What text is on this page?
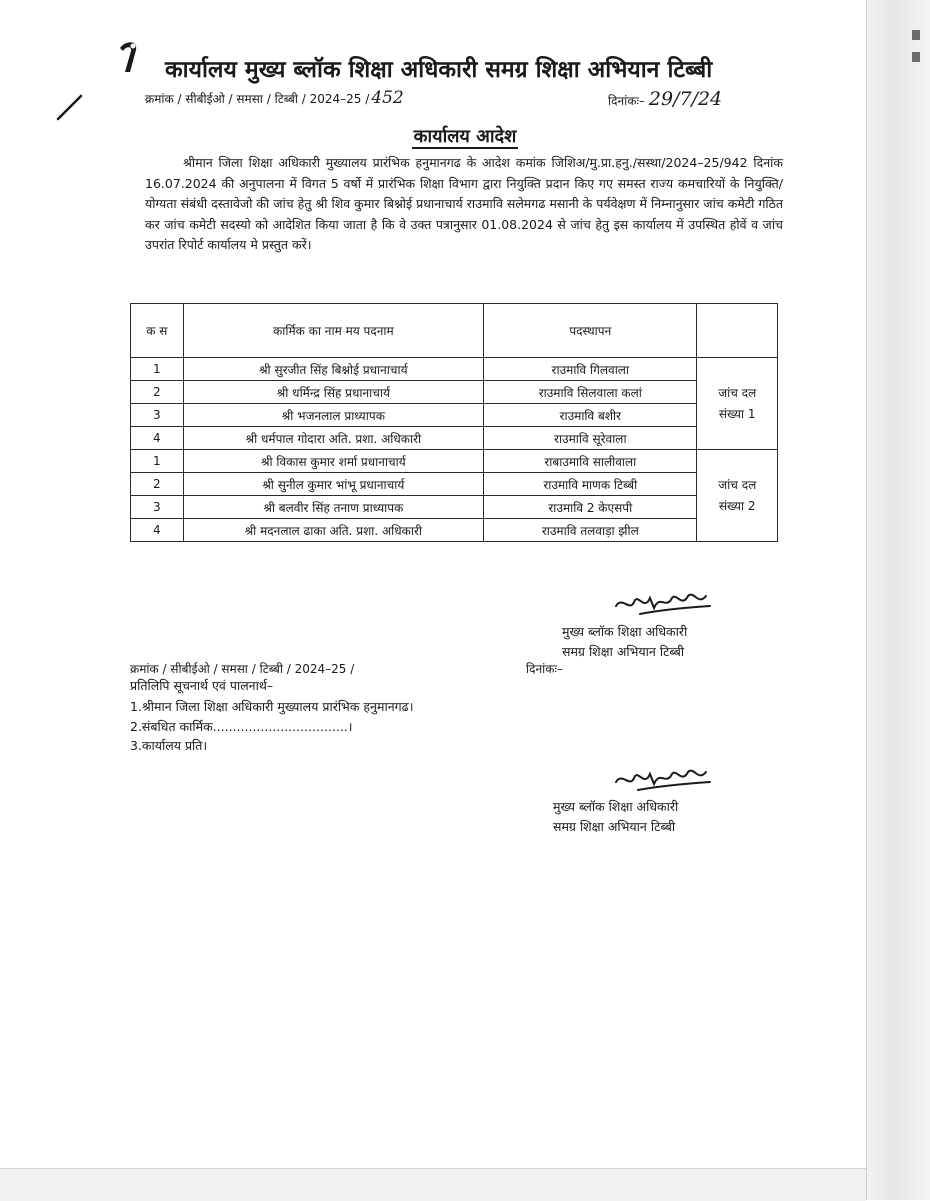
कार्यालय मुख्य ब्लॉक शिक्षा अधिकारी समग्र शिक्षा अभियान टिब्बी
क्रमांक / सीबीईओ / समसा / टिब्बी / 2024–25 / 452	दिनांकः– 29/7/24
कार्यालय आदेश
श्रीमान जिला शिक्षा अधिकारी मुख्यालय प्रारंभिक हनुमानगढ के आदेश कमांक जिशिअ/मु.प्रा.हनु./सस्था/2024–25/942 दिनांक 16.07.2024 की अनुपालना में विगत 5 वर्षो में प्रारंभिक शिक्षा विभाग द्वारा नियुक्ति प्रदान किए गए समस्त राज्य कमचारियों के नियुक्ति/योग्यता संबंधी दस्तावेजो की जांच हेतु श्री शिव कुमार बिश्नोई प्रधानाचार्य राउमावि सलेमगढ मसानी के पर्यवेक्षण में निम्नानुसार जांच कमेटी गठित कर जांच कमेटी सदस्यो को आदेशित किया जाता है कि वे उक्त पत्रानुसार 01.08.2024 से जांच हेतु इस कार्यालय में उपस्थित होवें व जांच उपरांत रिपोर्ट कार्यालय मे प्रस्तुत करें।
क स	कार्मिक का नाम मय पदनाम	पदस्थापन	
1	श्री सुरजीत सिंह बिश्नोई प्रधानाचार्य	राउमावि गिलवाला	जांच दल
संख्या 1

2	श्री धर्मिन्द्र सिंह प्रधानाचार्य	राउमावि सिलवाला कलां	
3	श्री भजनलाल प्राध्यापक	राउमावि बशीर	
4	श्री धर्मपाल गोदारा अति. प्रशा. अधिकारी	राउमावि सूरेवाला	
1	श्री विकास कुमार शर्मा प्रधानाचार्य	राबाउमावि सालीवाला	जांच दल
संख्या 2

2	श्री सुनील कुमार भांभू प्रधानाचार्य	राउमावि माणक टिब्बी	
3	श्री बलवीर सिंह तनाण प्राध्यापक	राउमावि 2 केएसपी	
4	श्री मदनलाल ढाका अति. प्रशा. अधिकारी	राउमावि तलवाड़ा झील	
मुख्य ब्लॉक शिक्षा अधिकारी
समग्र शिक्षा अभियान टिब्बी
क्रमांक / सीबीईओ / समसा / टिब्बी / 2024–25 /	दिनांकः–
प्रतिलिपि सूचनार्थ एवं पालनार्थ–
1.श्रीमान जिला शिक्षा अधिकारी मुख्यालय प्रारंभिक हनुमानगढ।
2.संबधित कार्मिक..................................।
3.कार्यालय प्रति।
मुख्य ब्लॉक शिक्षा अधिकारी
समग्र शिक्षा अभियान टिब्बी
